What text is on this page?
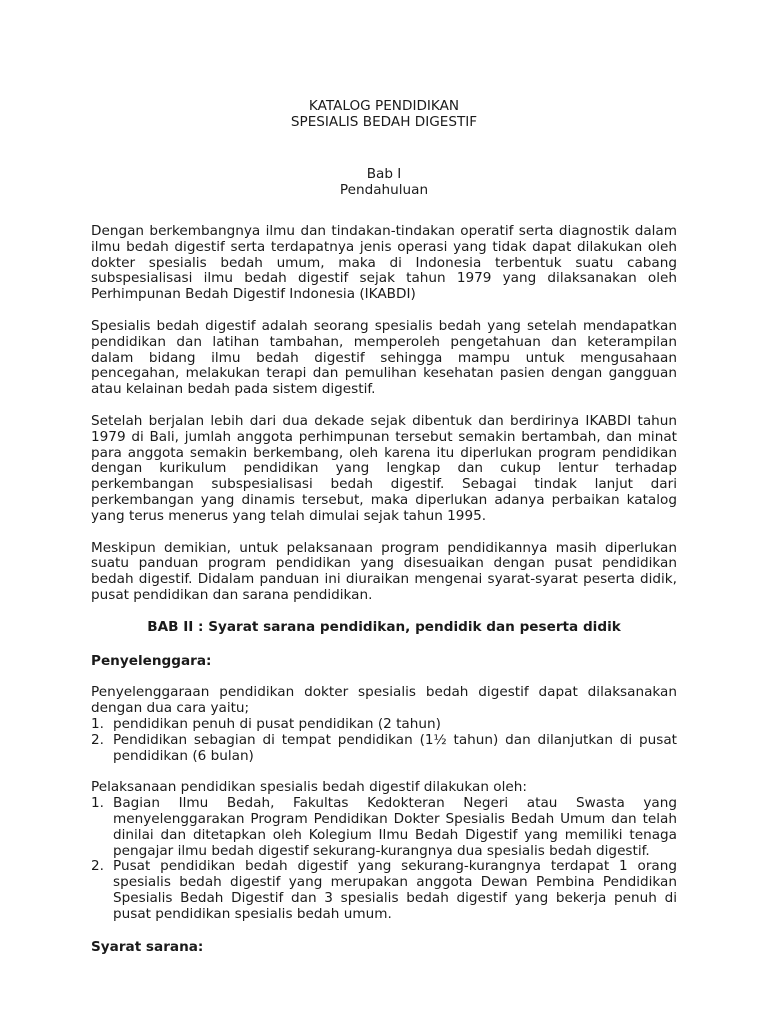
KATALOG PENDIDIKAN
SPESIALIS BEDAH DIGESTIF
Bab I
Pendahuluan

Dengan berkembangnya ilmu dan tindakan-tindakan operatif serta diagnostik dalam ilmu bedah digestif serta terdapatnya jenis operasi yang tidak dapat dilakukan oleh dokter spesialis bedah umum, maka di Indonesia terbentuk suatu cabang subspesialisasi ilmu bedah digestif sejak tahun 1979 yang dilaksanakan oleh Perhimpunan Bedah Digestif Indonesia (IKABDI)

Spesialis bedah digestif adalah seorang spesialis bedah yang setelah mendapatkan pendidikan dan latihan tambahan, memperoleh pengetahuan dan keterampilan dalam bidang ilmu bedah digestif sehingga mampu untuk mengusahaan pencegahan, melakukan terapi dan pemulihan kesehatan pasien dengan gangguan atau kelainan bedah pada sistem digestif.

Setelah berjalan lebih dari dua dekade sejak dibentuk dan berdirinya IKABDI tahun 1979 di Bali, jumlah anggota perhimpunan tersebut semakin bertambah, dan minat para anggota semakin berkembang, oleh karena itu diperlukan program pendidikan dengan kurikulum pendidikan yang lengkap dan cukup lentur terhadap perkembangan subspesialisasi bedah digestif. Sebagai tindak lanjut dari perkembangan yang dinamis tersebut, maka diperlukan adanya perbaikan katalog yang terus menerus yang telah dimulai sejak tahun 1995.

Meskipun demikian, untuk pelaksanaan program pendidikannya masih diperlukan suatu panduan program pendidikan yang disesuaikan dengan pusat pendidikan bedah digestif. Didalam panduan ini diuraikan mengenai syarat-syarat peserta didik, pusat pendidikan dan sarana pendidikan.

BAB II : Syarat sarana pendidikan, pendidik dan peserta didik
Penyelenggara:

Penyelenggaraan pendidikan dokter spesialis bedah digestif dapat dilaksanakan dengan dua cara yaitu;

1. pendidikan penuh di pusat pendidikan (2 tahun)
2. Pendidikan sebagian di tempat pendidikan (1½ tahun) dan dilanjutkan di pusat pendidikan (6 bulan)

Pelaksanaan pendidikan spesialis bedah digestif dilakukan oleh:

1. Bagian Ilmu Bedah, Fakultas Kedokteran Negeri atau Swasta yang menyelenggarakan Program Pendidikan Dokter Spesialis Bedah Umum dan telah dinilai dan ditetapkan oleh Kolegium Ilmu Bedah Digestif yang memiliki tenaga pengajar ilmu bedah digestif sekurang-kurangnya dua spesialis bedah digestif.
2. Pusat pendidikan bedah digestif yang sekurang-kurangnya terdapat 1 orang spesialis bedah digestif yang merupakan anggota Dewan Pembina Pendidikan Spesialis Bedah Digestif dan 3 spesialis bedah digestif yang bekerja penuh di pusat pendidikan spesialis bedah umum.
Syarat sarana:
